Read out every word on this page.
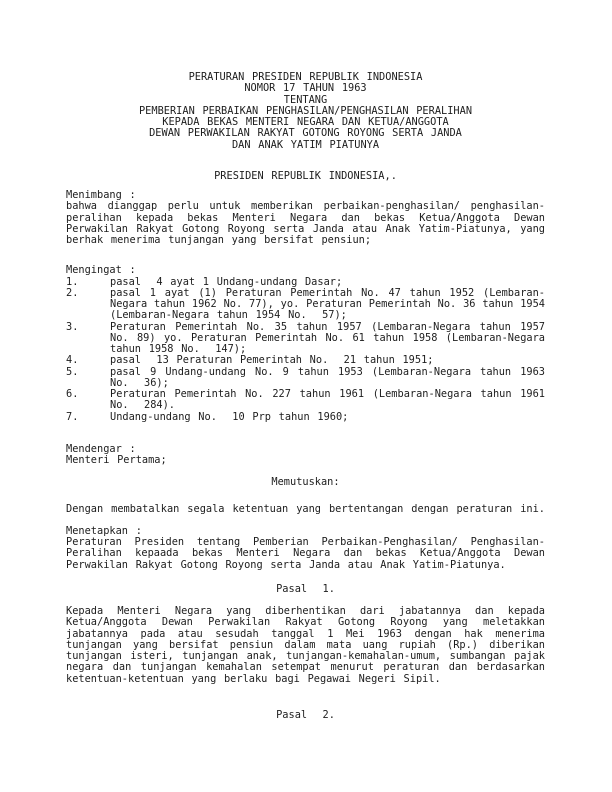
PERATURAN PRESIDEN REPUBLIK INDONESIA
NOMOR 17 TAHUN 1963
TENTANG
PEMBERIAN PERBAIKAN PENGHASILAN/PENGHASILAN PERALIHAN
KEPADA BEKAS MENTERI NEGARA DAN KETUA/ANGGOTA
DEWAN PERWAKILAN RAKYAT GOTONG ROYONG SERTA JANDA
DAN ANAK YATIM PIATUNYA
PRESIDEN REPUBLIK INDONESIA,.
Menimbang :
bahwa dianggap perlu untuk memberikan perbaikan-penghasilan/ penghasilan-
peralihan kepada bekas Menteri Negara dan bekas Ketua/Anggota Dewan
Perwakilan Rakyat Gotong Royong serta Janda atau Anak Yatim-Piatunya, yang
berhak menerima tunjangan yang bersifat pensiun;
Mengingat :
1.	pasal  4 ayat 1 Undang-undang Dasar;
2.	pasal 1 ayat (1) Peraturan Pemerintah No. 47 tahun 1952 (Lembaran-
Negara tahun 1962 No. 77), yo. Peraturan Pemerintah No. 36 tahun 1954
(Lembaran-Negara tahun 1954 No.  57);
3.	Peraturan Pemerintah No. 35 tahun 1957 (Lembaran-Negara tahun 1957
No. 89) yo. Peraturan Pemerintah No. 61 tahun 1958 (Lembaran-Negara
tahun 1958 No.  147);
4.	pasal  13 Peraturan Pemerintah No.  21 tahun 1951;
5.	pasal 9 Undang-undang No. 9 tahun 1953 (Lembaran-Negara tahun 1963
No.  36);
6.	Peraturan Pemerintah No. 227 tahun 1961 (Lembaran-Negara tahun 1961
No.  284).
7.	Undang-undang No.  10 Prp tahun 1960;
Mendengar :
Menteri Pertama;
Memutuskan:
Dengan membatalkan segala ketentuan yang bertentangan dengan peraturan ini.
Menetapkan :
Peraturan Presiden tentang Pemberian Perbaikan-Penghasilan/ Penghasilan-
Peralihan kepaada bekas Menteri Negara dan bekas Ketua/Anggota Dewan
Perwakilan Rakyat Gotong Royong serta Janda atau Anak Yatim-Piatunya.
Pasal  1.
Kepada Menteri Negara yang diberhentikan dari jabatannya dan kepada
Ketua/Anggota Dewan Perwakilan Rakyat Gotong Royong yang meletakkan
jabatannya pada atau sesudah tanggal 1 Mei 1963 dengan hak menerima
tunjangan yang bersifat pensiun dalam mata uang rupiah (Rp.) diberikan
tunjangan isteri, tunjangan anak, tunjangan-kemahalan-umum, sumbangan pajak
negara dan tunjangan kemahalan setempat menurut peraturan dan berdasarkan
ketentuan-ketentuan yang berlaku bagi Pegawai Negeri Sipil.
Pasal  2.
